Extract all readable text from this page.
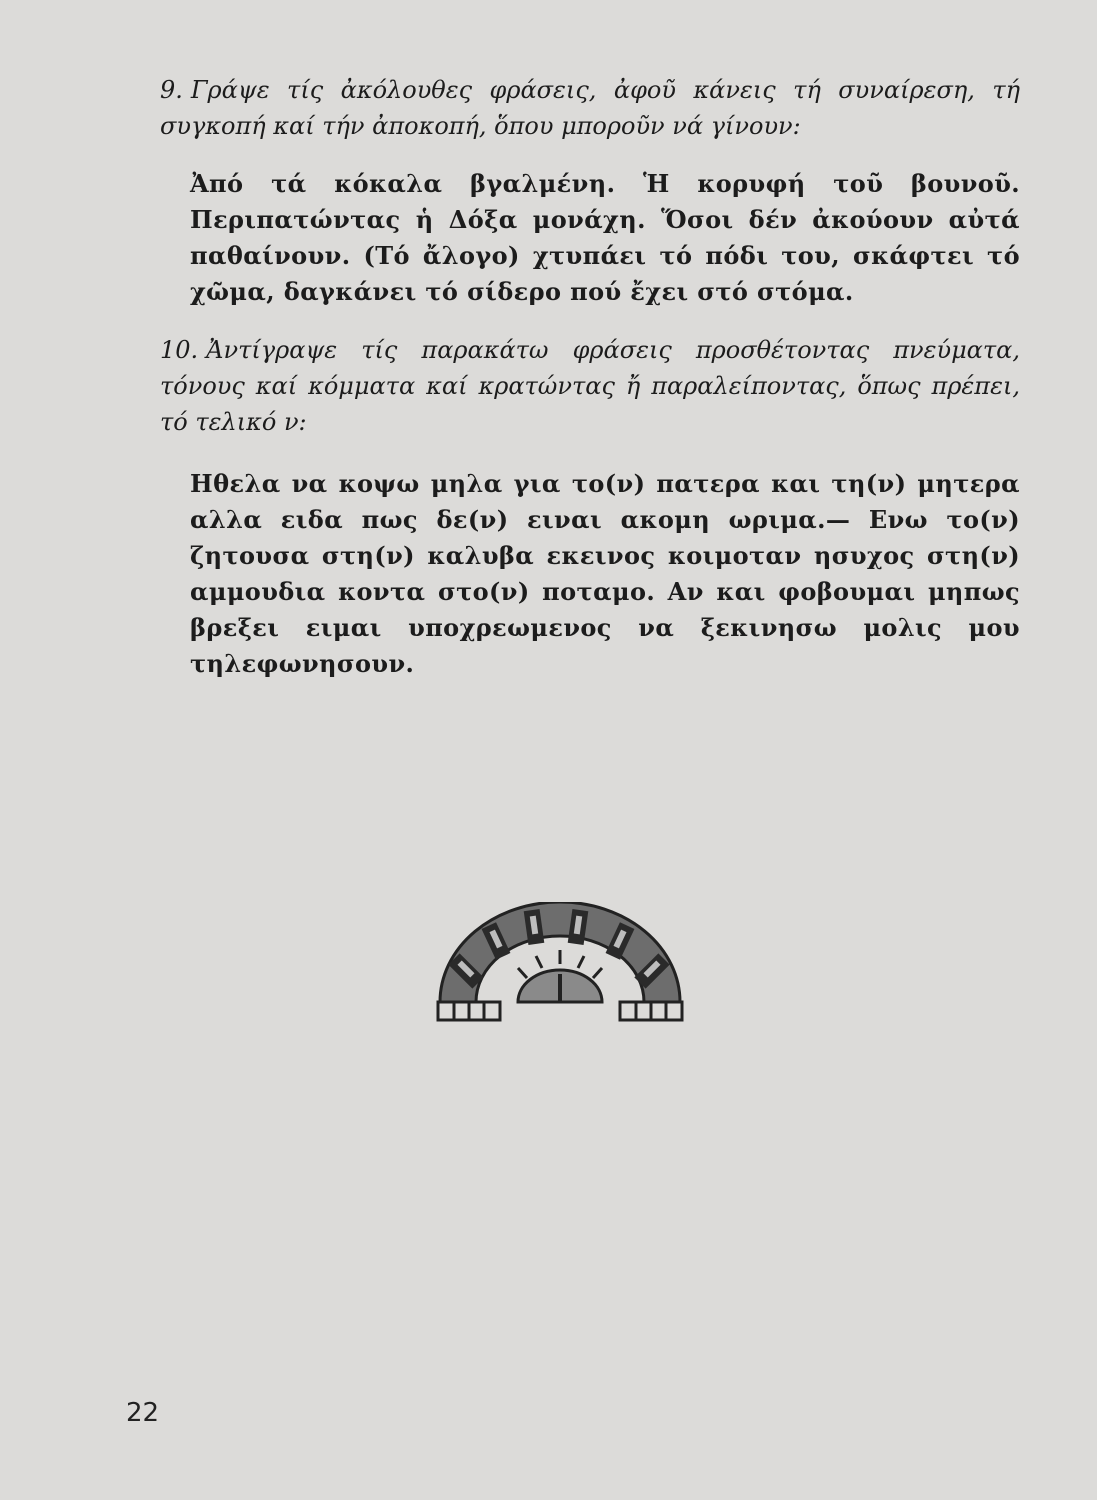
9. Γράψε τίς ἀκόλουθες φράσεις, ἀφοῦ κάνεις τή συναίρεση, τή συγκοπή καί τήν ἀποκοπή, ὅπου μποροῦν νά γίνουν:

Ἀπό τά κόκαλα βγαλμένη. Ἡ κορυφή τοῦ βουνοῦ. Περιπατώντας ἡ Δόξα μονάχη. Ὅσοι δέν ἀκούουν αὐτά παθαίνουν. (Τό ἄλογο) χτυπάει τό πόδι του, σκάφτει τό χῶμα, δαγκάνει τό σίδερο πού ἔχει στό στόμα.

10. Ἀντίγραψε τίς παρακάτω φράσεις προσθέτοντας πνεύματα, τόνους καί κόμματα καί κρατώντας ἤ παραλείποντας, ὅπως πρέπει, τό τελικό ν:

Ηθελα να κοψω μηλα για το(ν) πατερα και τη(ν) μητερα αλλα ειδα πως δε(ν) ειναι ακομη ωριμα.— Ενω το(ν) ζητουσα στη(ν) καλυβα εκεινος κοιμοταν ησυχος στη(ν) αμμουδια κοντα στο(ν) ποταμο. Αν και φοβουμαι μηπως βρεξει ειμαι υποχρεωμενος να ξεκινησω μολις μου τηλεφωνησουν.

22
